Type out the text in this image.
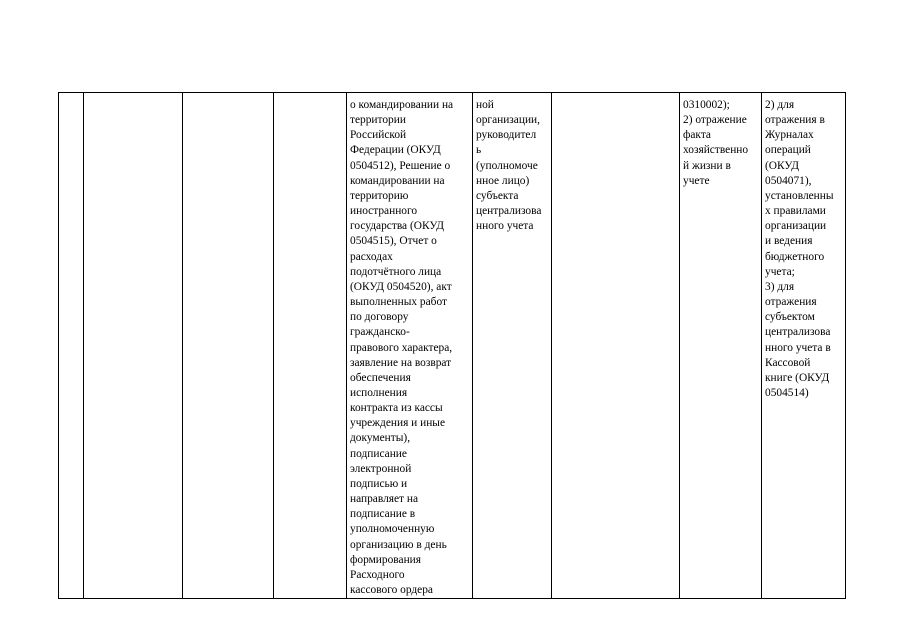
				о командировании на
территории
Российской
Федерации (ОКУД
0504512), Решение о
командировании на
территорию
иностранного
государства (ОКУД
0504515), Отчет о
расходах
подотчётного лица
(ОКУД 0504520), акт
выполненных работ
по договору
гражданско-
правового характера,
заявление на возврат
обеспечения
исполнения
контракта из кассы
учреждения и иные
документы),
подписание
электронной
подписью и
направляет на
подписание в
уполномоченную
организацию в день
формирования
Расходного
кассового ордера	ной
организации,
руководител
ь
(уполномоче
нное лицо)
субъекта
централизова
нного учета		0310002);
2) отражение
факта
хозяйственно
й жизни в
учете	2) для
отражения в
Журналах
операций
(ОКУД
0504071),
установленны
х правилами
организации
и ведения
бюджетного
учета;
3) для
отражения
субъектом
централизова
нного учета в
Кассовой
книге (ОКУД
0504514)
